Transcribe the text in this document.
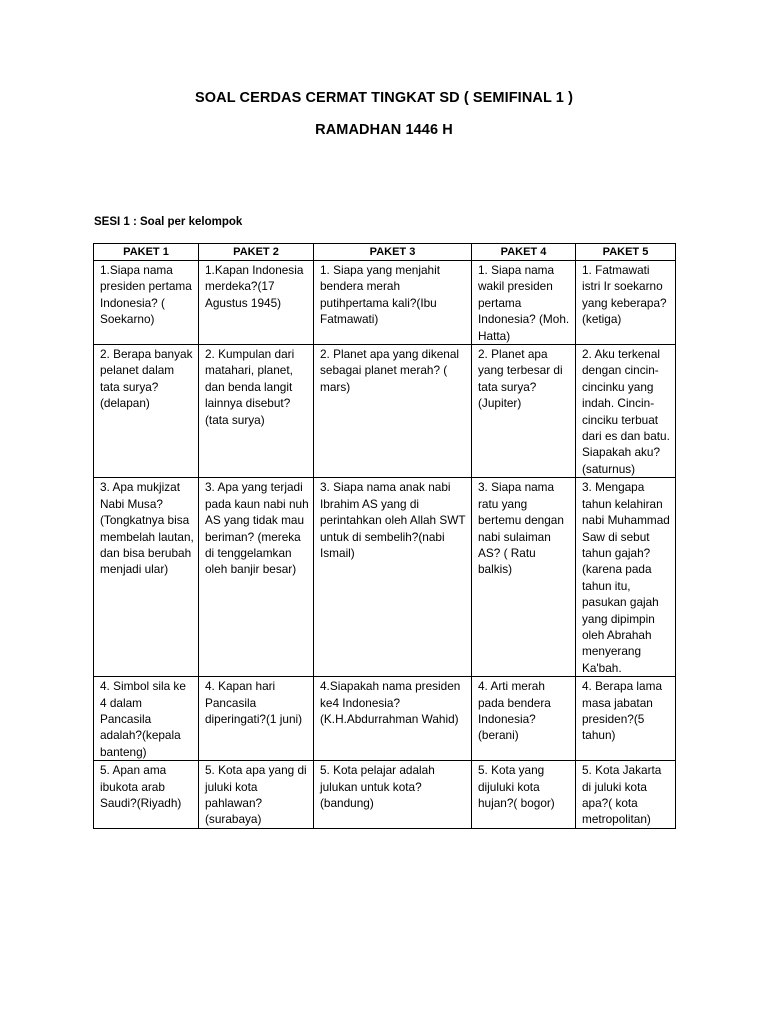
SOAL CERDAS CERMAT TINGKAT SD ( SEMIFINAL 1 )
RAMADHAN 1446 H
SESI 1 : Soal per kelompok
PAKET 1	PAKET 2	PAKET 3	PAKET 4	PAKET 5
1.Siapa nama presiden pertama Indonesia? ( Soekarno)	1.Kapan Indonesia merdeka?(17 Agustus 1945)	1. Siapa yang menjahit bendera merah putihpertama kali?(Ibu Fatmawati)	1. Siapa nama wakil presiden pertama Indonesia? (Moh. Hatta)	1. Fatmawati istri Ir soekarno yang keberapa? (ketiga)
2. Berapa banyak pelanet dalam tata surya? (delapan)	2. Kumpulan dari matahari, planet, dan benda langit lainnya disebut? (tata surya)	2. Planet apa yang dikenal sebagai planet merah? ( mars)	2. Planet apa yang terbesar di tata surya? (Jupiter)	2. Aku terkenal dengan cincin-cincinku yang indah. Cincin-cinciku terbuat dari es dan batu. Siapakah aku? (saturnus)
3. Apa mukjizat Nabi Musa? (Tongkatnya bisa membelah lautan, dan bisa berubah menjadi ular)	3. Apa yang terjadi pada kaun nabi nuh AS yang tidak mau beriman? (mereka di tenggelamkan oleh banjir besar)	3. Siapa nama anak nabi Ibrahim AS yang di perintahkan oleh Allah SWT untuk di sembelih?(nabi Ismail)	3. Siapa nama ratu yang bertemu dengan nabi sulaiman AS? ( Ratu balkis)	3. Mengapa tahun kelahiran nabi Muhammad Saw di sebut tahun gajah? (karena pada tahun itu, pasukan gajah yang dipimpin oleh Abrahah menyerang Ka'bah.
4. Simbol sila ke 4 dalam Pancasila adalah?(kepala banteng)	4. Kapan hari Pancasila diperingati?(1 juni)	4.Siapakah nama presiden ke4 Indonesia?(K.H.Abdurrahman Wahid)	4. Arti merah pada bendera Indonesia? (berani)	4. Berapa lama masa jabatan presiden?(5 tahun)
5. Apan ama ibukota arab Saudi?(Riyadh)	5. Kota apa yang di juluki kota pahlawan? (surabaya)	5. Kota pelajar adalah julukan untuk kota? (bandung)	5. Kota yang dijuluki kota hujan?( bogor)	5. Kota Jakarta di juluki kota apa?( kota metropolitan)
